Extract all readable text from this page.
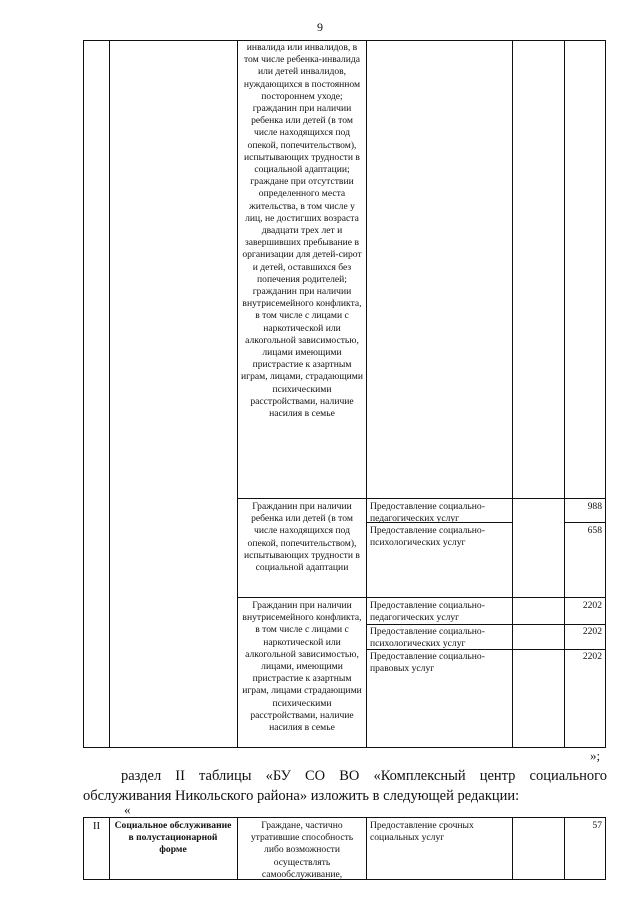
9
инвалида или инвалидов, в том числе ребенка-инвалида или детей инвалидов, нуждающихся в постоянном постороннем уходе; гражданин при наличии ребенка или детей (в том числе находящихся под опекой, попечительством), испытывающих трудности в социальной адаптации; граждане при отсутствии определенного места жительства, в том числе у лиц, не достигших возраста двадцати трех лет и завершивших пребывание в организации для детей-сирот и детей, оставшихся без попечения родителей; гражданин при наличии внутрисемейного конфликта, в том числе с лицами с наркотической или алкогольной зависимостью, лицами имеющими пристрастие к азартным играм, лицами, страдающими психическими расстройствами, наличие насилия в семье
Гражданин при наличии ребенка или детей (в том числе находящихся под опекой, попечительством), испытывающих трудности в социальной адаптации
Гражданин при наличии внутрисемейного конфликта, в том числе с лицами с наркотической или алкогольной зависимостью, лицами, имеющими пристрастие к азартным играм, лицами страдающими психическими расстройствами, наличие насилия в семье
Предоставление социально-педагогических услуг
988
Предоставление социально-психологических услуг
658
Предоставление социально-педагогических услуг
2202
Предоставление социально-психологических услуг
2202
Предоставление социально-правовых услуг
2202
»;
раздел II таблицы «БУ СО ВО «Комплексный центр социального обслуживания Никольского района» изложить в следующей редакции:
«
II	Социальное обслуживание в полустационарной форме
Граждане, частично утратившие способность либо возможности осуществлять самообслуживание,
Предоставление срочных социальных услуг
57
